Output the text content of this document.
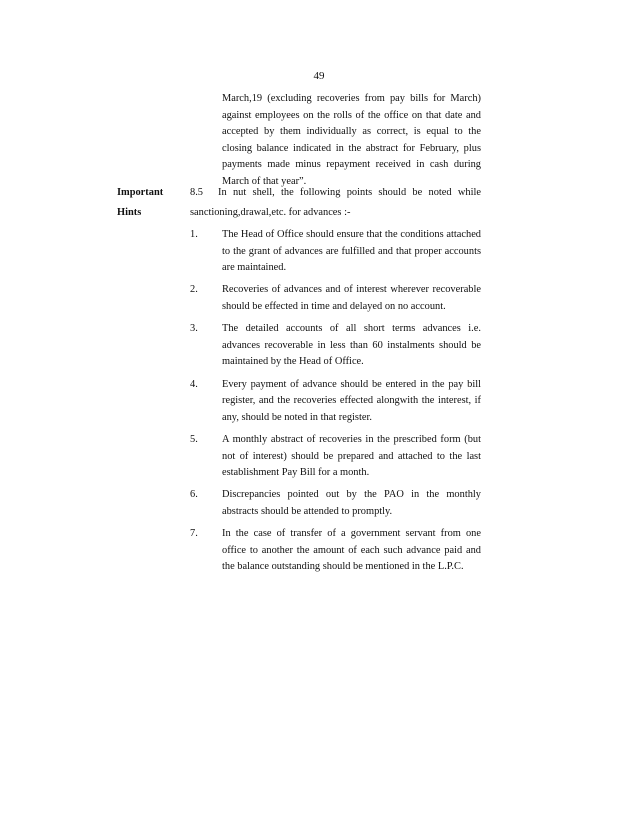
49
March,19 (excluding recoveries from pay bills for March) against employees on the rolls of the office on that date and accepted by them individually as correct, is equal to the closing balance indicated in the abstract for February, plus payments made minus repayment received in cash during March of that year”.
Important
Hints
8.5 In nut shell, the following points should be noted while sanctioning,drawal,etc. for advances :-
1.	The Head of Office should ensure that the conditions attached to the grant of advances are fulfilled and that proper accounts are maintained.
2.	Recoveries of advances and of interest wherever recoverable should be effected in time and delayed on no account.
3.	The detailed accounts of all short terms advances i.e. advances recoverable in less than 60 instalments should be maintained by the Head of Office.
4.	Every payment of advance should be entered in the pay bill register, and the recoveries effected alongwith the interest, if any, should be noted in that register.
5.	A monthly abstract of recoveries in the prescribed form (but not of interest) should be prepared and attached to the last establishment Pay Bill for a month.
6.	Discrepancies pointed out by the PAO in the monthly abstracts should be attended to promptly.
7.	In the case of transfer of a government servant from one office to another the amount of each such advance paid and the balance outstanding should be mentioned in the L.P.C.
